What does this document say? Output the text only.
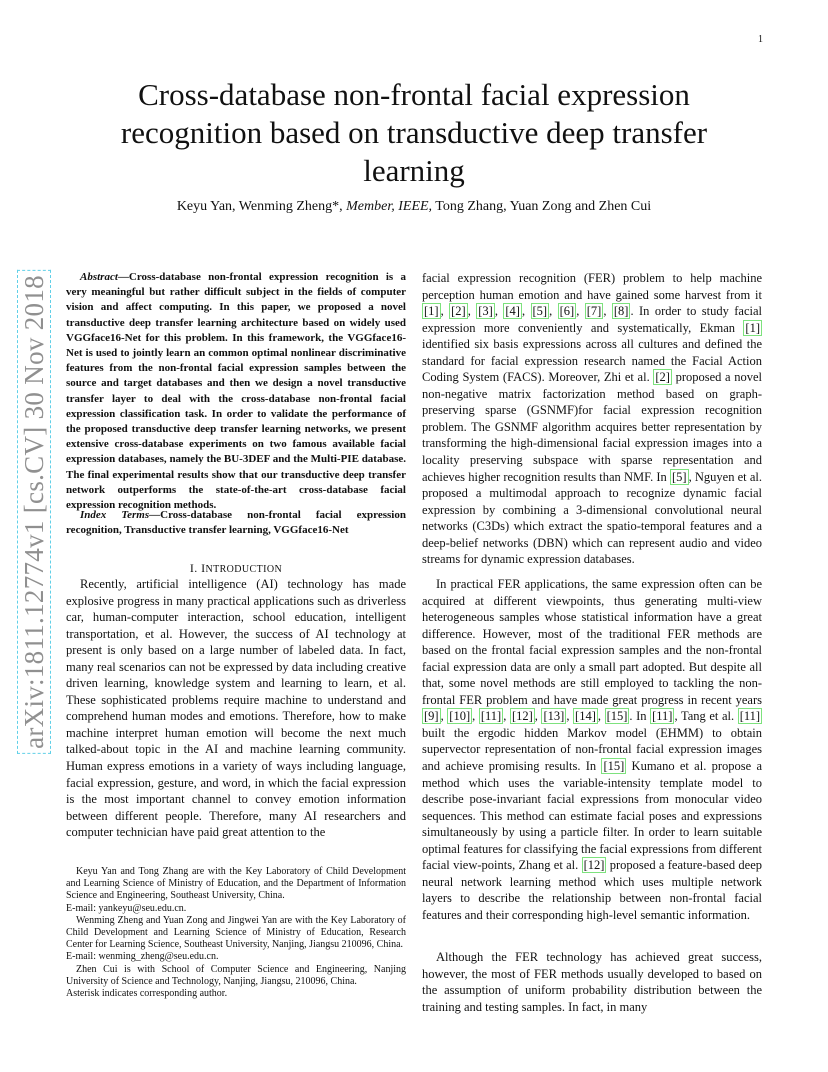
1
arXiv:1811.12774v1 [cs.CV] 30 Nov 2018
Cross-database non-frontal facial expression recognition based on transductive deep transfer learning
Keyu Yan, Wenming Zheng*, Member, IEEE, Tong Zhang, Yuan Zong and Zhen Cui
Abstract—Cross-database non-frontal expression recognition is a very meaningful but rather difficult subject in the fields of computer vision and affect computing. In this paper, we proposed a novel transductive deep transfer learning architecture based on widely used VGGface16-Net for this problem. In this framework, the VGGface16-Net is used to jointly learn an common optimal nonlinear discriminative features from the non-frontal facial expression samples between the source and target databases and then we design a novel transductive transfer layer to deal with the cross-database non-frontal facial expression classification task. In order to validate the performance of the proposed transductive deep transfer learning networks, we present extensive cross-database experiments on two famous available facial expression databases, namely the BU-3DEF and the Multi-PIE database. The final experimental results show that our transductive deep transfer network outperforms the state-of-the-art cross-database facial expression recognition methods.
Index Terms—Cross-database non-frontal facial expression recognition, Transductive transfer learning, VGGface16-Net
I. INTRODUCTION

Recently, artificial intelligence (AI) technology has made explosive progress in many practical applications such as driverless car, human-computer interaction, school education, intelligent transportation, et al. However, the success of AI technology at present is only based on a large number of labeled data. In fact, many real scenarios can not be expressed by data including creative driven learning, knowledge system and learning to learn, et al. These sophisticated problems require machine to understand and comprehend human modes and emotions. Therefore, how to make machine interpret human emotion will become the next much talked-about topic in the AI and machine learning community. Human express emotions in a variety of ways including language, facial expression, gesture, and word, in which the facial expression is the most important channel to convey emotion information between different people. Therefore, many AI researchers and computer technician have paid great attention to the

Keyu Yan and Tong Zhang are with the Key Laboratory of Child Development and Learning Science of Ministry of Education, and the Department of Information Science and Engineering, Southeast University, China.

E-mail: yankeyu@seu.edu.cn.

Wenming Zheng and Yuan Zong and Jingwei Yan are with the Key Laboratory of Child Development and Learning Science of Ministry of Education, Research Center for Learning Science, Southeast University, Nanjing, Jiangsu 210096, China.

E-mail: wenming_zheng@seu.edu.cn.

Zhen Cui is with School of Computer Science and Engineering, Nanjing University of Science and Technology, Nanjing, Jiangsu, 210096, China.

Asterisk indicates corresponding author.

facial expression recognition (FER) problem to help machine perception human emotion and have gained some harvest from it [1] , [2] , [3] , [4] , [5] , [6] , [7] , [8] . In order to study facial expression more conveniently and systematically, Ekman [1] identified six basis expressions across all cultures and defined the standard for facial expression research named the Facial Action Coding System (FACS). Moreover, Zhi et al. [2] proposed a novel non-negative matrix factorization method based on graph-preserving sparse (GSNMF)for facial expression recognition problem. The GSNMF algorithm acquires better representation by transforming the high-dimensional facial expression images into a locality preserving subspace with sparse representation and achieves higher recognition results than NMF. In [5] , Nguyen et al. proposed a multimodal approach to recognize dynamic facial expression by combining a 3-dimensional convolutional neural networks (C3Ds) which extract the spatio-temporal features and a deep-belief networks (DBN) which can represent audio and video streams for dynamic expression databases.

In practical FER applications, the same expression often can be acquired at different viewpoints, thus generating multi-view heterogeneous samples whose statistical information have a great difference. However, most of the traditional FER methods are based on the frontal facial expression samples and the non-frontal facial expression data are only a small part adopted. But despite all that, some novel methods are still employed to tackling the non-frontal FER problem and have made great progress in recent years [9] , [10] , [11] , [12] , [13] , [14] , [15] . In [11] , Tang et al. [11] built the ergodic hidden Markov model (EHMM) to obtain supervector representation of non-frontal facial expression images and achieve promising results. In [15] Kumano et al. propose a method which uses the variable-intensity template model to describe pose-invariant facial expressions from monocular video sequences. This method can estimate facial poses and expressions simultaneously by using a particle filter. In order to learn suitable optimal features for classifying the facial expressions from different facial view-points, Zhang et al. [12] proposed a feature-based deep neural network learning method which uses multiple network layers to describe the relationship between non-frontal facial features and their corresponding high-level semantic information.

Although the FER technology has achieved great success, however, the most of FER methods usually developed to based on the assumption of uniform probability distribution between the training and testing samples. In fact, in many
